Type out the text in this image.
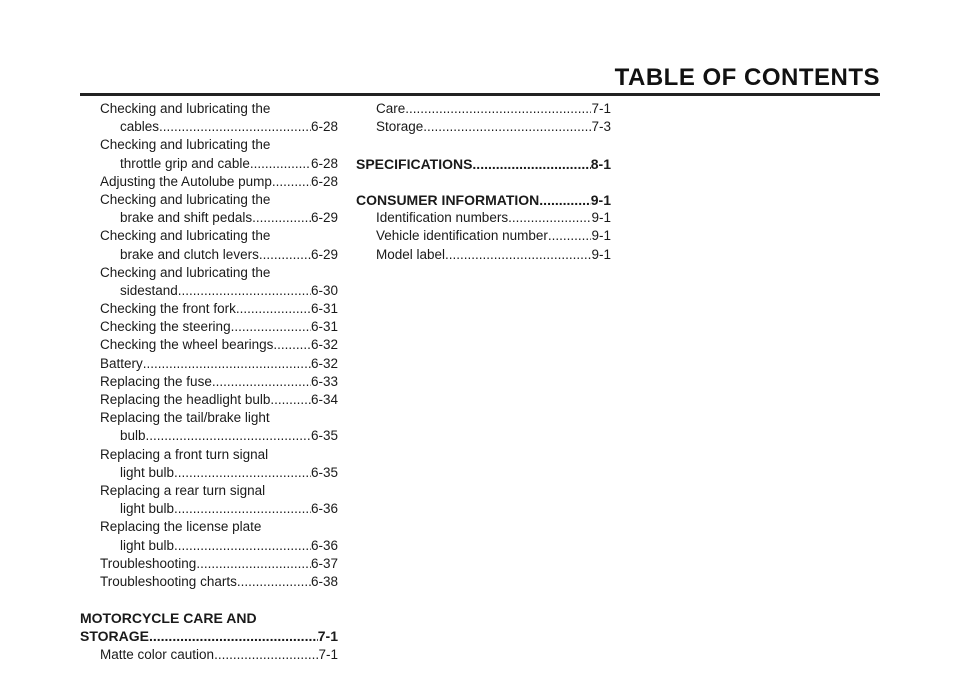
TABLE OF CONTENTS
Checking and lubricating the
cables .....	6-28
Checking and lubricating the
throttle grip and cable .....	6-28
Adjusting the Autolube pump .....	6-28
Checking and lubricating the
brake and shift pedals .....	6-29
Checking and lubricating the
brake and clutch levers .....	6-29
Checking and lubricating the
sidestand .....	6-30
Checking the front fork .....	6-31
Checking the steering .....	6-31
Checking the wheel bearings .....	6-32
Battery .....	6-32
Replacing the fuse .....	6-33
Replacing the headlight bulb .....	6-34
Replacing the tail/brake light
bulb .....	6-35
Replacing a front turn signal
light bulb .....	6-35
Replacing a rear turn signal
light bulb .....	6-36
Replacing the license plate
light bulb .....	6-36
Troubleshooting .....	6-37
Troubleshooting charts .....	6-38
MOTORCYCLE CARE AND
STORAGE .....	7-1
Matte color caution .....	7-1
Care .....	7-1
Storage .....	7-3
SPECIFICATIONS .....	8-1
CONSUMER INFORMATION .....	9-1
Identification numbers .....	9-1
Vehicle identification number .....	9-1
Model label .....	9-1
